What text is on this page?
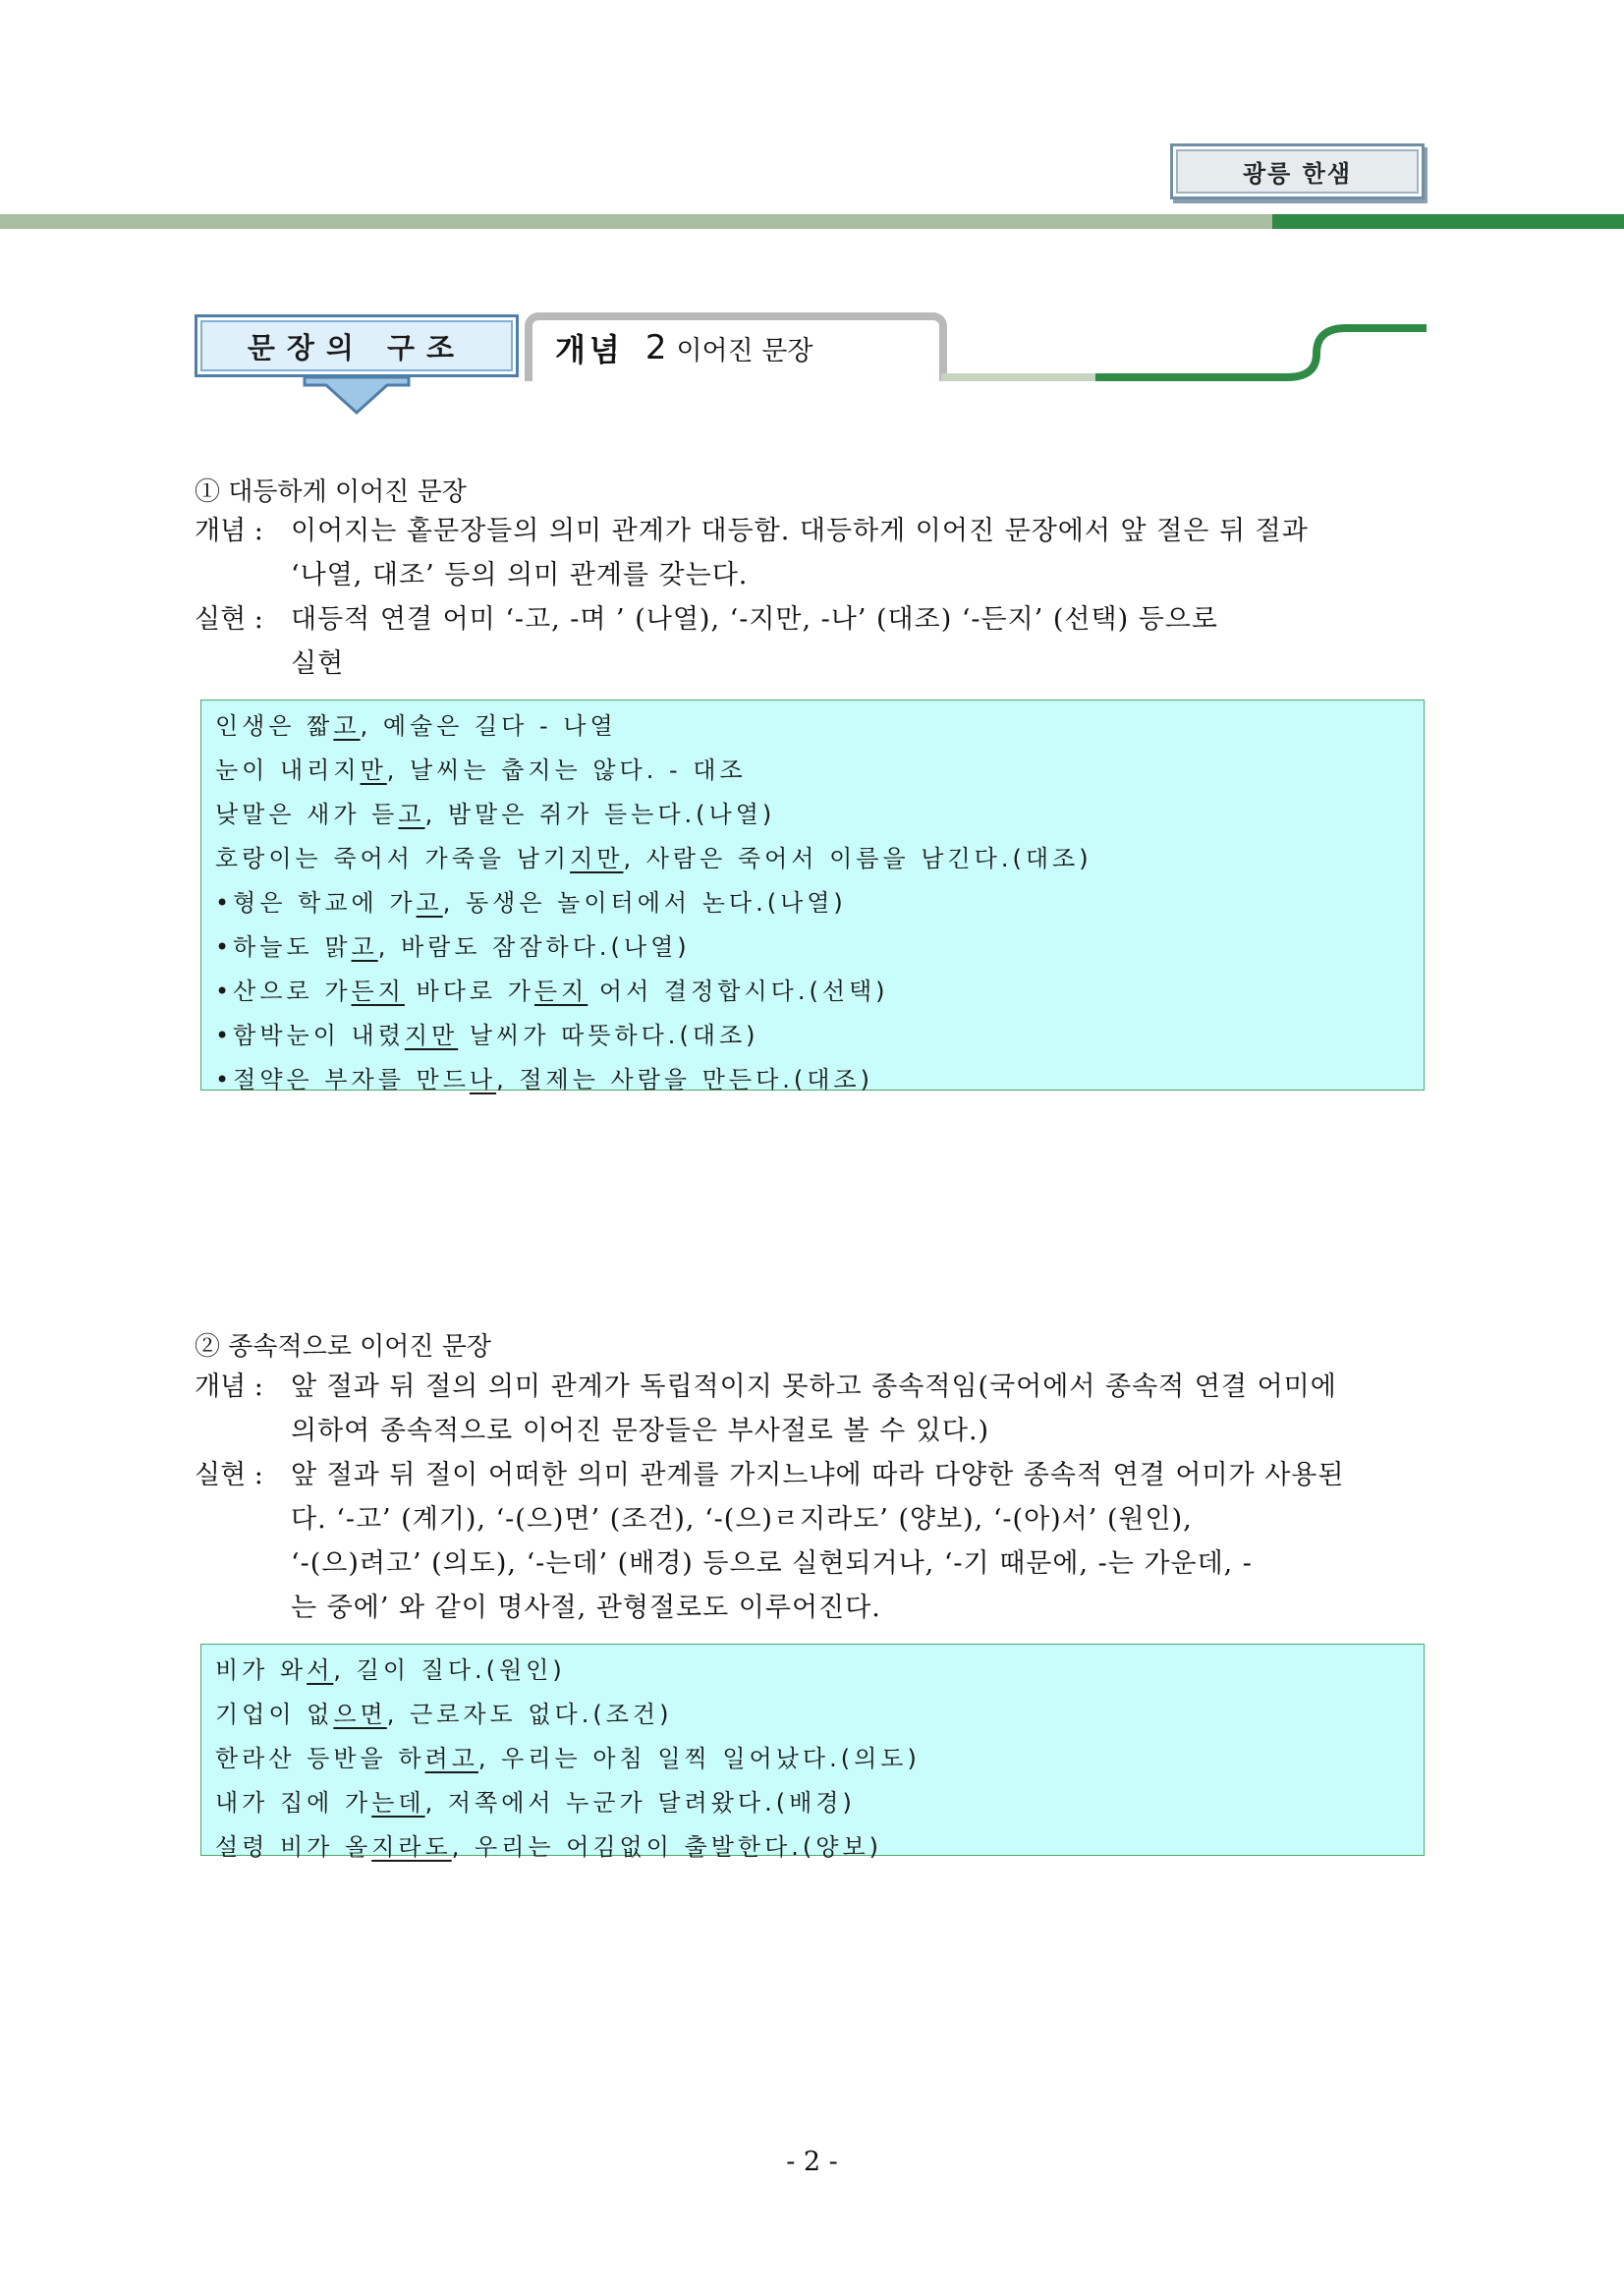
광릉 한샘
문장의 구조	개념 2 이어진 문장
① 대등하게 이어진 문장
개념 :	이어지는 홑문장들의 의미 관계가 대등함. 대등하게 이어진 문장에서 앞 절은 뒤 절과
‘나열, 대조’ 등의 의미 관계를 갖는다.
실현 :	대등적 연결 어미 ‘-고, -며 ’ (나열), ‘-지만, -나’ (대조) ‘-든지’ (선택) 등으로
실현
인생은 짧고, 예술은 길다 - 나열
눈이 내리지만, 날씨는 춥지는 않다. - 대조
낮말은 새가 듣고, 밤말은 쥐가 듣는다.(나열)
호랑이는 죽어서 가죽을 남기지만, 사람은 죽어서 이름을 남긴다.(대조)
•형은 학교에 가고, 동생은 놀이터에서 논다.(나열)
•하늘도 맑고, 바람도 잠잠하다.(나열)
•산으로 가든지 바다로 가든지 어서 결정합시다.(선택)
•함박눈이 내렸지만 날씨가 따뜻하다.(대조)
•절약은 부자를 만드나, 절제는 사람을 만든다.(대조)
② 종속적으로 이어진 문장
개념 :	앞 절과 뒤 절의 의미 관계가 독립적이지 못하고 종속적임(국어에서 종속적 연결 어미에
의하여 종속적으로 이어진 문장들은 부사절로 볼 수 있다.)
실현 :	앞 절과 뒤 절이 어떠한 의미 관계를 가지느냐에 따라 다양한 종속적 연결 어미가 사용된
다. ‘-고’ (계기), ‘-(으)면’ (조건), ‘-(으)ㄹ지라도’ (양보), ‘-(아)서’ (원인),
‘-(으)려고’ (의도), ‘-는데’ (배경) 등으로 실현되거나, ‘-기 때문에, -는 가운데, -
는 중에’ 와 같이 명사절, 관형절로도 이루어진다.
비가 와서, 길이 질다.(원인)
기업이 없으면, 근로자도 없다.(조건)
한라산 등반을 하려고, 우리는 아침 일찍 일어났다.(의도)
내가 집에 가는데, 저쪽에서 누군가 달려왔다.(배경)
설령 비가 올지라도, 우리는 어김없이 출발한다.(양보)
- 2 -
